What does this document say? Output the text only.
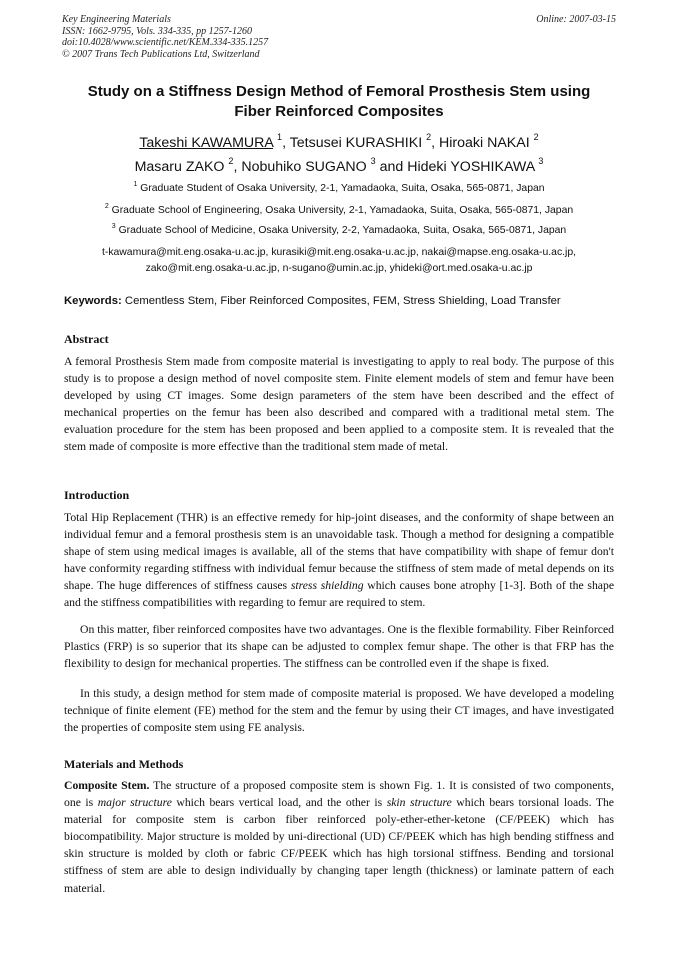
Key Engineering Materials
ISSN: 1662-9795, Vols. 334-335, pp 1257-1260
doi:10.4028/www.scientific.net/KEM.334-335.1257
© 2007 Trans Tech Publications Ltd, Switzerland
Online: 2007-03-15
Study on a Stiffness Design Method of Femoral Prosthesis Stem using
Fiber Reinforced Composites
Takeshi KAWAMURA $^1$, Tetsusei KURASHIKI $^2$, Hiroaki NAKAI $^2$
Masaru ZAKO $^2$, Nobuhiko SUGANO $^3$ and Hideki YOSHIKAWA $^3$
$^1$ Graduate Student of Osaka University, 2-1, Yamadaoka, Suita, Osaka, 565-0871, Japan
$^2$ Graduate School of Engineering, Osaka University, 2-1, Yamadaoka, Suita, Osaka, 565-0871, Japan
$^3$ Graduate School of Medicine, Osaka University, 2-2, Yamadaoka, Suita, Osaka, 565-0871, Japan
t-kawamura@mit.eng.osaka-u.ac.jp, kurasiki@mit.eng.osaka-u.ac.jp, nakai@mapse.eng.osaka-u.ac.jp,
zako@mit.eng.osaka-u.ac.jp, n-sugano@umin.ac.jp, yhideki@ort.med.osaka-u.ac.jp
Keywords: Cementless Stem, Fiber Reinforced Composites, FEM, Stress Shielding, Load Transfer
Abstract
A femoral Prosthesis Stem made from composite material is investigating to apply to real body. The purpose of this study is to propose a design method of novel composite stem. Finite element models of stem and femur have been developed by using CT images. Some design parameters of the stem have been described and the effect of mechanical properties on the femur has been also described and compared with a traditional metal stem. The evaluation procedure for the stem has been proposed and been applied to a composite stem. It is revealed that the stem made of composite is more effective than the traditional stem made of metal.
Introduction
Total Hip Replacement (THR) is an effective remedy for hip-joint diseases, and the conformity of shape between an individual femur and a femoral prosthesis stem is an unavoidable task. Though a method for designing a compatible shape of stem using medical images is available, all of the stems that have compatibility with shape of femur don't have conformity regarding stiffness with individual femur because the stiffness of stem made of metal depends on its shape. The huge differences of stiffness causes stress shielding which causes bone atrophy [1-3]. Both of the shape and the stiffness compatibilities with regarding to femur are required to stem.
On this matter, fiber reinforced composites have two advantages. One is the flexible formability. Fiber Reinforced Plastics (FRP) is so superior that its shape can be adjusted to complex femur shape. The other is that FRP has the flexibility to design for mechanical properties. The stiffness can be controlled even if the shape is fixed.
In this study, a design method for stem made of composite material is proposed. We have developed a modeling technique of finite element (FE) method for the stem and the femur by using their CT images, and have investigated the properties of composite stem using FE analysis.
Materials and Methods
Composite Stem. The structure of a proposed composite stem is shown Fig. 1. It is consisted of two components, one is major structure which bears vertical load, and the other is skin structure which bears torsional loads. The material for composite stem is carbon fiber reinforced poly-ether-ether-ketone (CF/PEEK) which has biocompatibility. Major structure is molded by uni-directional (UD) CF/PEEK which has high bending stiffness and skin structure is molded by cloth or fabric CF/PEEK which has high torsional stiffness. Bending and torsional stiffness of stem are able to design individually by changing taper length (thickness) or laminate pattern of each material.
